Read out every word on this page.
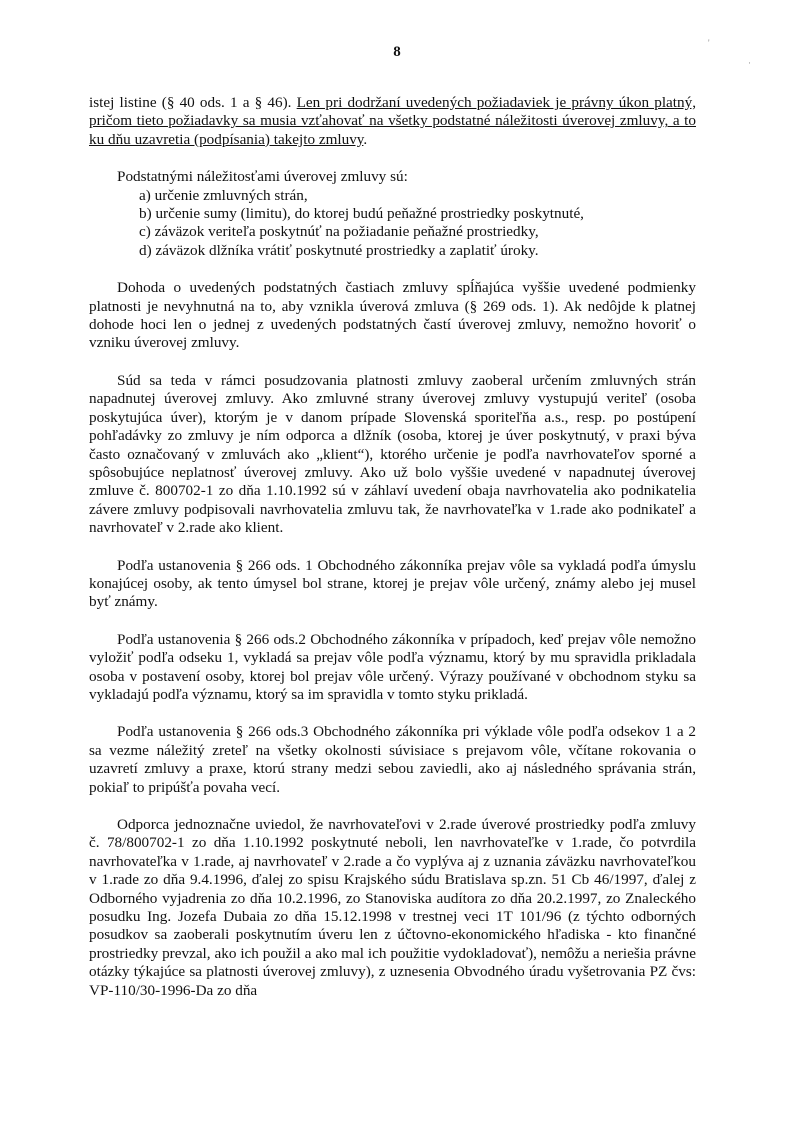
8
'
·

istej listine (§ 40 ods. 1 a § 46). Len pri dodržaní uvedených požiadaviek je právny úkon platný, pričom tieto požiadavky sa musia vzťahovať na všetky podstatné náležitosti úverovej zmluvy, a to ku dňu uzavretia (podpísania) takejto zmluvy.

Podstatnými náležitosťami úverovej zmluvy sú:

a) určenie zmluvných strán,
b) určenie sumy (limitu), do ktorej budú peňažné prostriedky poskytnuté,
c) záväzok veriteľa poskytnúť na požiadanie peňažné prostriedky,
d) záväzok dlžníka vrátiť poskytnuté prostriedky a zaplatiť úroky.

Dohoda o uvedených podstatných častiach zmluvy spĺňajúca vyššie uvedené podmienky platnosti je nevyhnutná na to, aby vznikla úverová zmluva (§ 269 ods. 1). Ak nedôjde k platnej dohode hoci len o jednej z uvedených podstatných častí úverovej zmluvy, nemožno hovoriť o vzniku úverovej zmluvy.

Súd sa teda v rámci posudzovania platnosti zmluvy zaoberal určením zmluvných strán napadnutej úverovej zmluvy. Ako zmluvné strany úverovej zmluvy vystupujú veriteľ (osoba poskytujúca úver), ktorým je v danom prípade Slovenská sporiteľňa a.s., resp. po postúpení pohľadávky zo zmluvy je ním odporca a dlžník (osoba, ktorej je úver poskytnutý, v praxi býva často označovaný v zmluvách ako „klient“), ktorého určenie je podľa navrhovateľov sporné a spôsobujúce neplatnosť úverovej zmluvy. Ako už bolo vyššie uvedené v napadnutej úverovej zmluve č. 800702-1 zo dňa 1.10.1992 sú v záhlaví uvedení obaja navrhovatelia ako podnikatelia závere zmluvy podpisovali navrhovatelia zmluvu tak, že navrhovateľka v 1.rade ako podnikateľ a navrhovateľ v 2.rade ako klient.

Podľa ustanovenia § 266 ods. 1 Obchodného zákonníka prejav vôle sa vykladá podľa úmyslu konajúcej osoby, ak tento úmysel bol strane, ktorej je prejav vôle určený, známy alebo jej musel byť známy.

Podľa ustanovenia § 266 ods.2 Obchodného zákonníka v prípadoch, keď prejav vôle nemožno vyložiť podľa odseku 1, vykladá sa prejav vôle podľa významu, ktorý by mu spravidla prikladala osoba v postavení osoby, ktorej bol prejav vôle určený. Výrazy používané v obchodnom styku sa vykladajú podľa významu, ktorý sa im spravidla v tomto styku prikladá.

Podľa ustanovenia § 266 ods.3 Obchodného zákonníka pri výklade vôle podľa odsekov 1 a 2 sa vezme náležitý zreteľ na všetky okolnosti súvisiace s prejavom vôle, včítane rokovania o uzavretí zmluvy a praxe, ktorú strany medzi sebou zaviedli, ako aj následného správania strán, pokiaľ to pripúšťa povaha vecí.

Odporca jednoznačne uviedol, že navrhovateľovi v 2.rade úverové prostriedky podľa zmluvy č. 78/800702-1 zo dňa 1.10.1992 poskytnuté neboli, len navrhovateľke v 1.rade, čo potvrdila navrhovateľka v 1.rade, aj navrhovateľ v 2.rade a čo vyplýva aj z uznania záväzku navrhovateľkou v 1.rade zo dňa 9.4.1996, ďalej zo spisu Krajského súdu Bratislava sp.zn. 51 Cb 46/1997, ďalej z Odborného vyjadrenia zo dňa 10.2.1996, zo Stanoviska audítora zo dňa 20.2.1997, zo Znaleckého posudku Ing. Jozefa Dubaia zo dňa 15.12.1998 v trestnej veci 1T 101/96 (z týchto odborných posudkov sa zaoberali poskytnutím úveru len z účtovno-ekonomického hľadiska - kto finančné prostriedky prevzal, ako ich použil a ako mal ich použitie vydokladovať), nemôžu a neriešia právne otázky týkajúce sa platnosti úverovej zmluvy), z uznesenia Obvodného úradu vyšetrovania PZ čvs: VP-110/30-1996-Da zo dňa
